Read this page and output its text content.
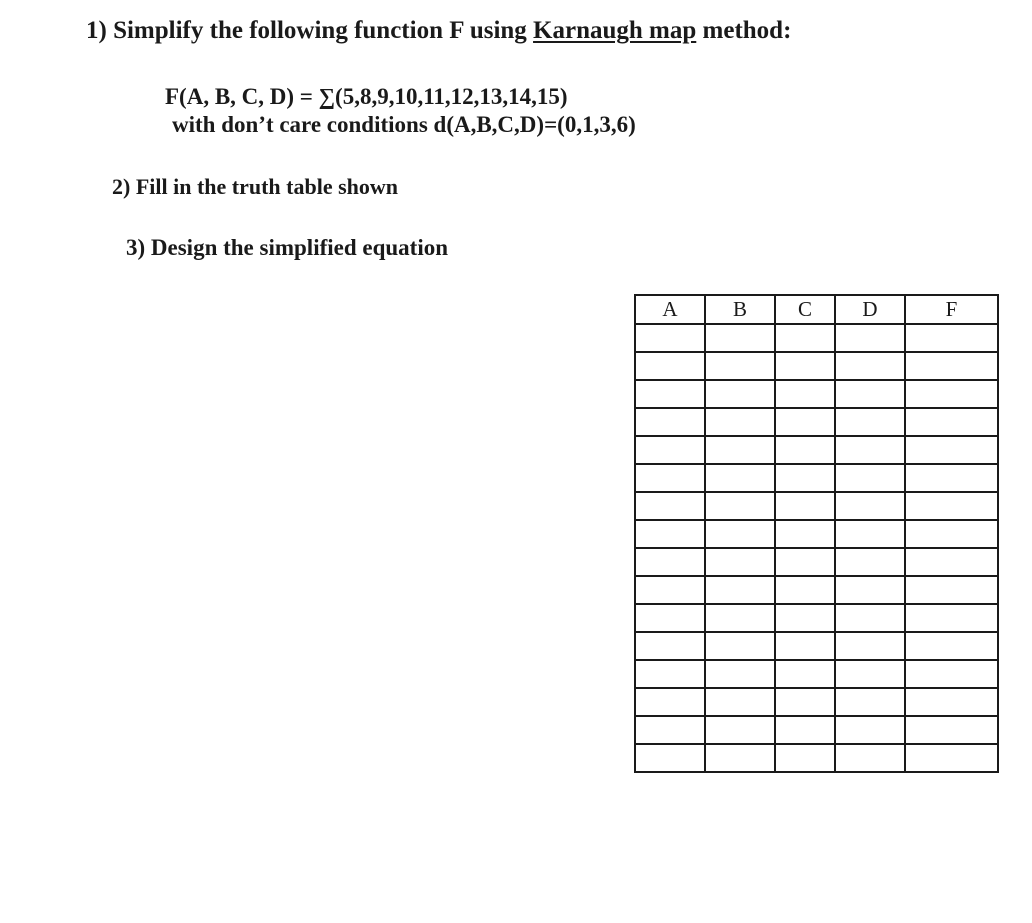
1) Simplify the following function F using Karnaugh map method:
F(A, B, C, D) = ∑(5,8,9,10,11,12,13,14,15)
with don’t care conditions d(A,B,C,D)=(0,1,3,6)
2) Fill in the truth table shown
3) Design the simplified equation
A	B	C	D	F
